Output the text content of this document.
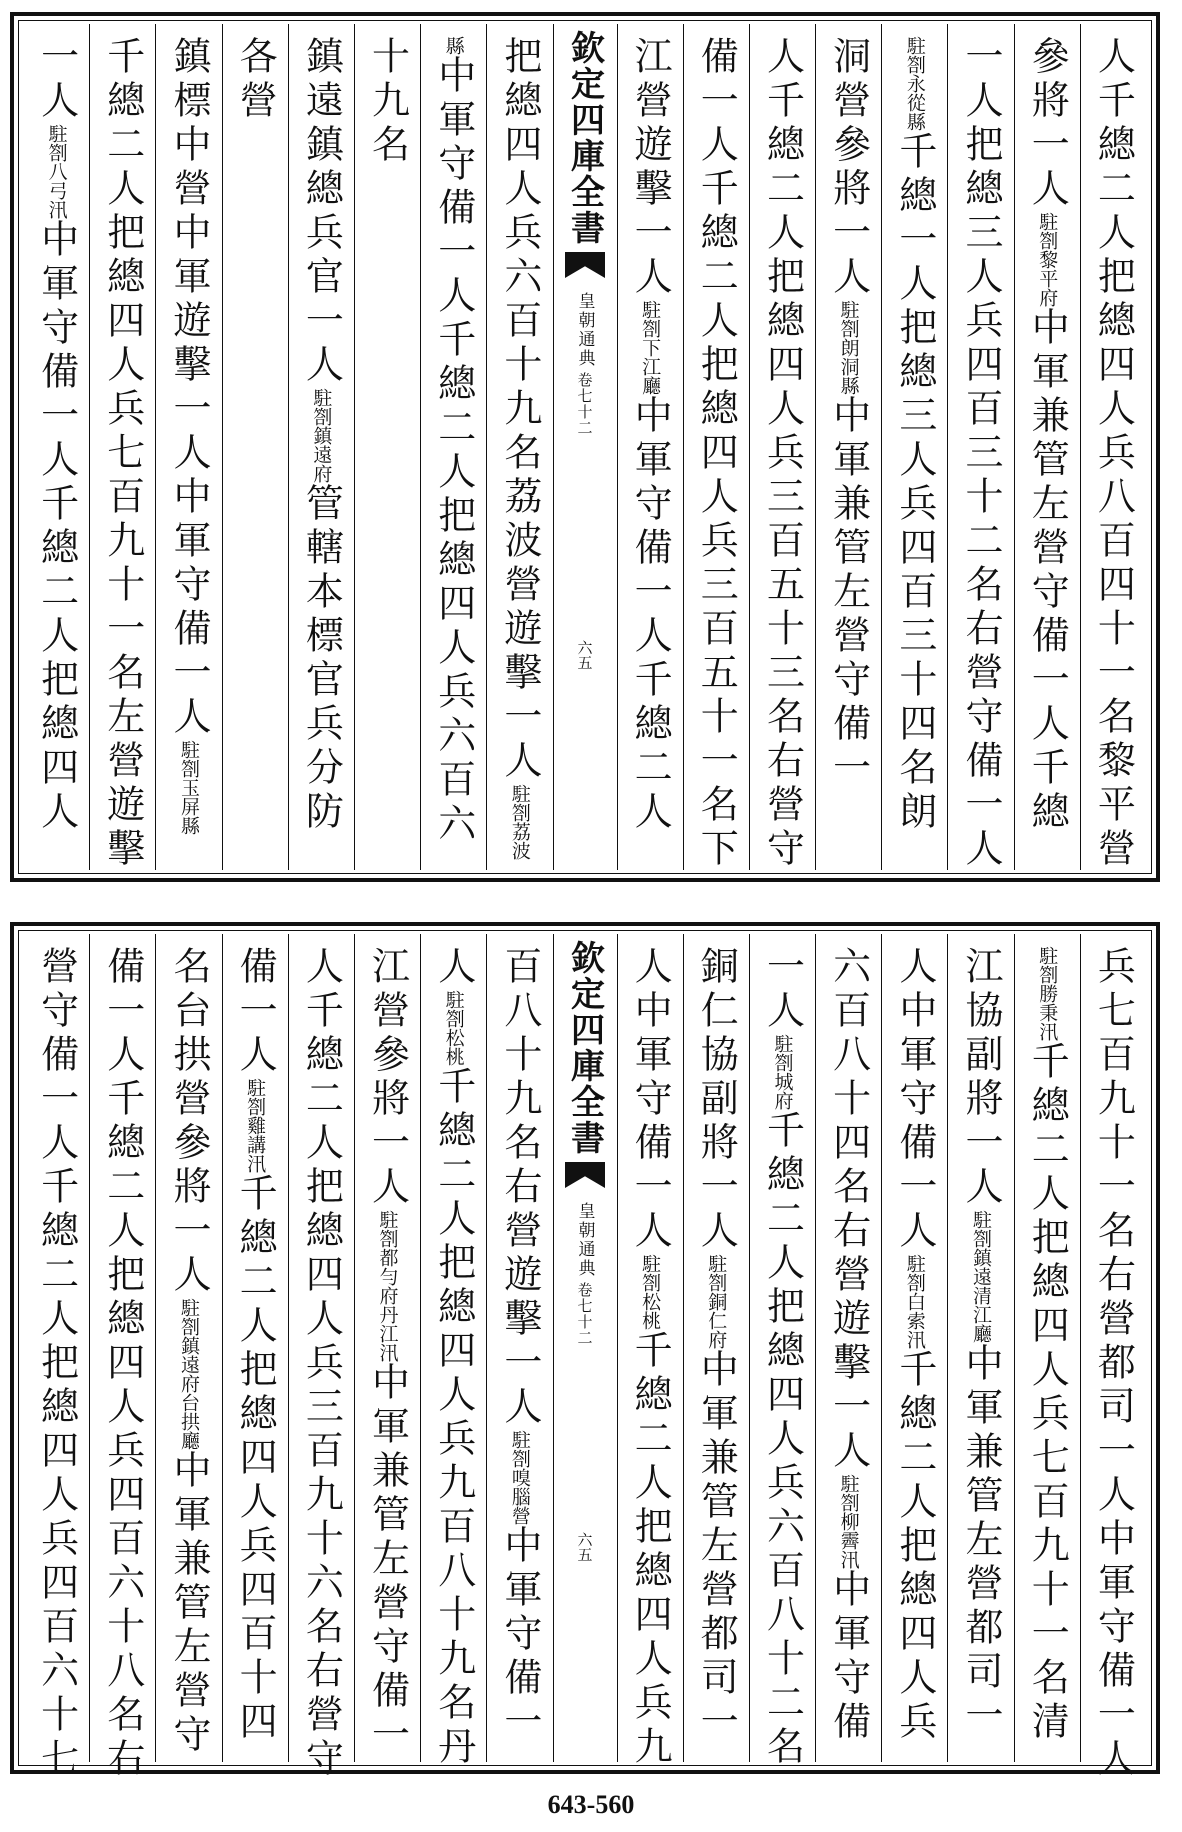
人千總二人把總四人兵八百四十一名黎平營
參將一人駐劄黎平府中軍兼管左營守備一人千總
一人把總三人兵四百三十二名右營守備一人
駐劄永從縣千總一人把總三人兵四百三十四名朗
洞營參將一人駐劄朗洞縣中軍兼管左營守備一
人千總二人把總四人兵三百五十三名右營守
備一人千總二人把總四人兵三百五十一名下
江營遊擊一人駐劄下江廳中軍守備一人千總二人
欽定四庫全書
皇朝通典
卷七十二
六五
把總四人兵六百十九名荔波營遊擊一人駐劄荔波
縣中軍守備一人千總二人把總四人兵六百六
十九名
鎮遠鎮總兵官一人駐劄鎮遠府管轄本標官兵分防
各營
鎮標中營中軍遊擊一人中軍守備一人駐劄玉屏縣
千總二人把總四人兵七百九十一名左營遊擊
一人駐劄八弓汛中軍守備一人千總二人把總四人
兵七百九十一名右營都司一人中軍守備一人
駐劄勝秉汛千總二人把總四人兵七百九十一名清
江協副將一人駐劄鎮遠清江廳中軍兼管左營都司一
人中軍守備一人駐劄白索汛千總二人把總四人兵
六百八十四名右營遊擊一人駐劄柳霽汛中軍守備
一人駐劄城府千總二人把總四人兵六百八十二名
銅仁協副將一人駐劄銅仁府中軍兼管左營都司一
人中軍守備一人駐劄松桃千總二人把總四人兵九
欽定四庫全書
皇朝通典
卷七十二
六五
百八十九名右營遊擊一人駐劄嗅腦營中軍守備一
人駐劄松桃千總二人把總四人兵九百八十九名丹
江營參將一人駐劄都勻府丹江汛中軍兼管左營守備一
人千總二人把總四人兵三百九十六名右營守
備一人駐劄雞講汛千總二人把總四人兵四百十四
名台拱營參將一人駐劄鎮遠府台拱廳中軍兼管左營守
備一人千總二人把總四人兵四百六十八名右
營守備一人千總二人把總四人兵四百六十七
643-560
